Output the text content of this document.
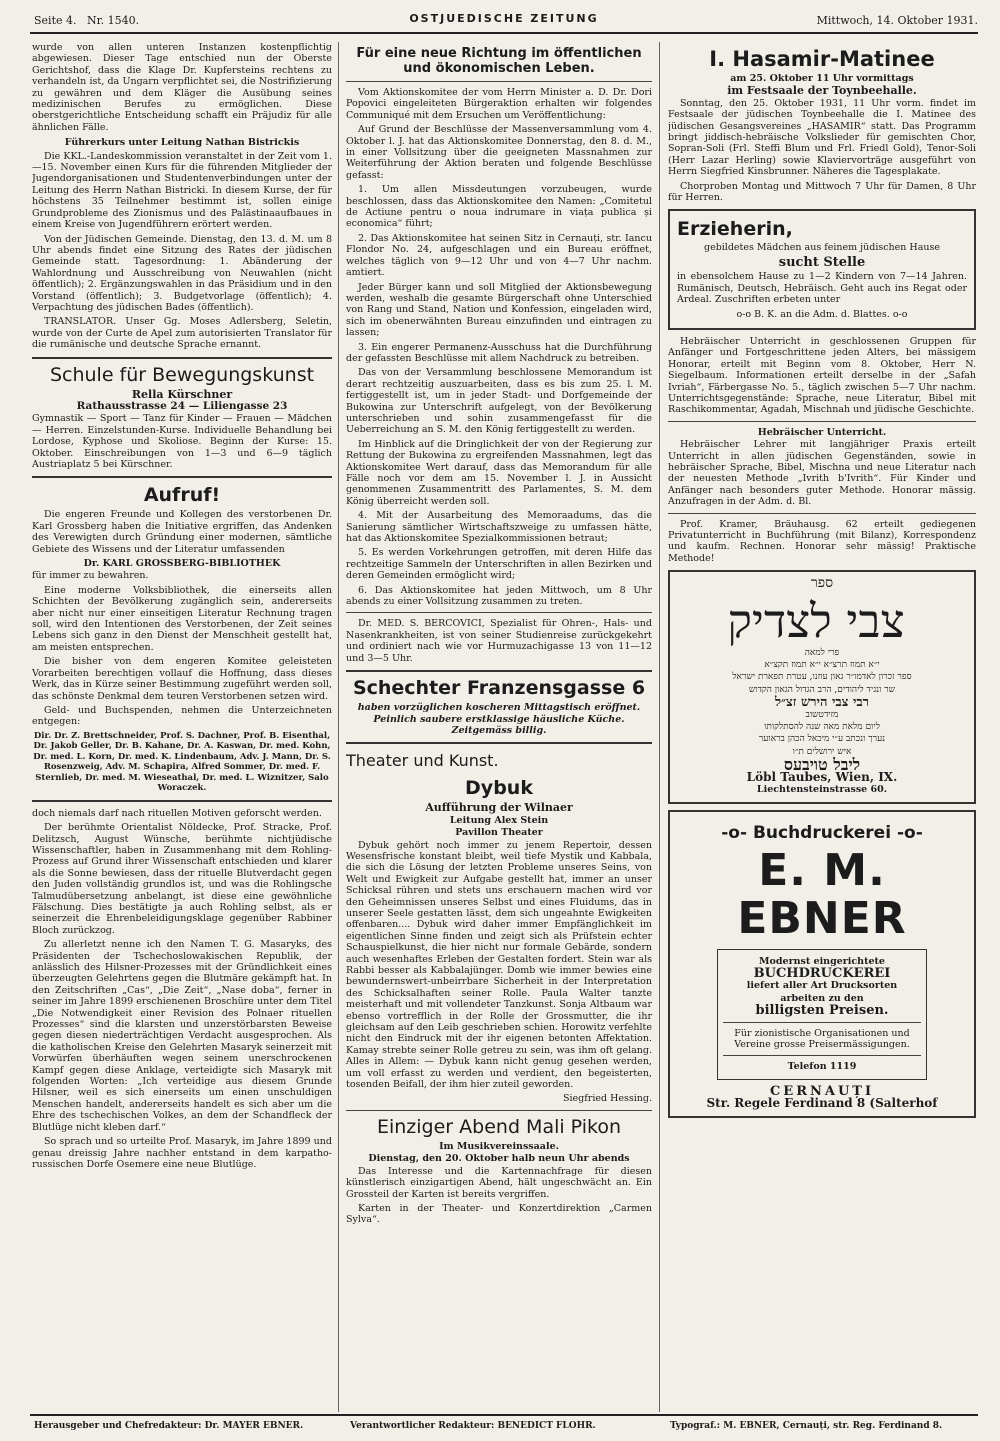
Seite 4. Nr. 1540.	OSTJUEDISCHE ZEITUNG	Mittwoch, 14. Oktober 1931.

wurde von allen unteren Instanzen kostenpflichtig abgewiesen. Dieser Tage entschied nun der Oberste Gerichtshof, dass die Klage Dr. Kupfersteins rechtens zu verhandeln ist, da Ungarn verpflichtet sei, die Nostrifizierung zu gewähren und dem Kläger die Ausübung seines medizinischen Berufes zu ermöglichen. Diese oberstgerichtliche Entscheidung schafft ein Präjudiz für alle ähnlichen Fälle.

Führerkurs unter Leitung Nathan Bistrickis

Die KKL.-Landeskommission veranstaltet in der Zeit vom 1.—15. November einen Kurs für die führenden Mitglieder der Jugendorganisationen und Studentenverbindungen unter der Leitung des Herrn Nathan Bistricki. In diesem Kurse, der für höchstens 35 Teilnehmer bestimmt ist, sollen einige Grundprobleme des Zionismus und des Palästinaaufbaues in einem Kreise von Jugendführern erörtert werden.

Von der Jüdischen Gemeinde. Dienstag, den 13. d. M. um 8 Uhr abends findet eine Sitzung des Rates der jüdischen Gemeinde statt. Tagesordnung: 1. Abänderung der Wahlordnung und Ausschreibung von Neuwahlen (nicht öffentlich); 2. Ergänzungswahlen in das Präsidium und in den Vorstand (öffentlich); 3. Budgetvorlage (öffentlich); 4. Verpachtung des jüdischen Bades (öffentlich).

TRANSLATOR. Unser Gg. Moses Adlersberg, Seletin, wurde von der Curte de Apel zum autorisierten Translator für die rumänische und deutsche Sprache ernannt.

Schule für Bewegungskunst

Rella Kürschner

Rathausstrasse 24 — Liliengasse 23

Gymnastik — Sport — Tanz für Kinder — Frauen — Mädchen — Herren. Einzelstunden-Kurse. Individuelle Behandlung bei Lordose, Kyphose und Skoliose. Beginn der Kurse: 15. Oktober. Einschreibungen von 1—3 und 6—9 täglich Austriaplatz 5 bei Kürschner.

Aufruf!

Die engeren Freunde und Kollegen des verstorbenen Dr. Karl Grossberg haben die Initiative ergriffen, das Andenken des Verewigten durch Gründung einer modernen, sämtliche Gebiete des Wissens und der Literatur umfassenden

Dr. KARL GROSSBERG-BIBLIOTHEK

für immer zu bewahren.

Eine moderne Volksbibliothek, die einerseits allen Schichten der Bevölkerung zugänglich sein, andererseits aber nicht nur einer einseitigen Literatur Rechnung tragen soll, wird den Intentionen des Verstorbenen, der Zeit seines Lebens sich ganz in den Dienst der Menschheit gestellt hat, am meisten entsprechen.

Die bisher von dem engeren Komitee geleisteten Vorarbeiten berechtigen vollauf die Hoffnung, dass dieses Werk, das in Kürze seiner Bestimmung zugeführt werden soll, das schönste Denkmal dem teuren Verstorbenen setzen wird.

Geld- und Buchspenden, nehmen die Unterzeichneten entgegen:

Dir. Dr. Z. Brettschneider, Prof. S. Dachner, Prof. B. Eisenthal, Dr. Jakob Geller, Dr. B. Kahane, Dr. A. Kaswan, Dr. med. Kohn, Dr. med. L. Korn, Dr. med. K. Lindenbaum, Adv. J. Mann, Dr. S. Rosenzweig, Adv. M. Schapira, Alfred Sommer, Dr. med. F. Sternlieb, Dr. med. M. Wieseathal, Dr. med. L. Wiznitzer, Salo Woraczek.

doch niemals darf nach rituellen Motiven geforscht werden.

Der berühmte Orientalist Nöldecke, Prof. Stracke, Prof. Delitzsch, August Wünsche, berühmte nichtjüdische Wissenschaftler, haben in Zusammenhang mit dem Rohling-Prozess auf Grund ihrer Wissenschaft entschieden und klarer als die Sonne bewiesen, dass der rituelle Blutverdacht gegen den Juden vollständig grundlos ist, und was die Rohlingsche Talmudübersetzung anbelangt, ist diese eine gewöhnliche Fälschung. Dies bestätigte ja auch Rohling selbst, als er seinerzeit die Ehrenbeleidigungsklage gegenüber Rabbiner Bloch zurückzog.

Zu allerletzt nenne ich den Namen T. G. Masaryks, des Präsidenten der Tschechoslowakischen Republik, der anlässlich des Hilsner-Prozesses mit der Gründlichkeit eines überzeugten Gelehrtens gegen die Blutmäre gekämpft hat. In den Zeitschriften „Cas“, „Die Zeit“, „Nase doba“, ferner in seiner im Jahre 1899 erschienenen Broschüre unter dem Titel „Die Notwendigkeit einer Revision des Polnaer rituellen Prozesses“ sind die klarsten und unzerstörbarsten Beweise gegen diesen niederträchtigen Verdacht ausgesprochen. Als die katholischen Kreise den Gelehrten Masaryk seinerzeit mit Vorwürfen überhäuften wegen seinem unerschrockenen Kampf gegen diese Anklage, verteidigte sich Masaryk mit folgenden Worten: „Ich verteidige aus diesem Grunde Hilsner, weil es sich einerseits um einen unschuldigen Menschen handelt, andererseits handelt es sich aber um die Ehre des tschechischen Volkes, an dem der Schandfleck der Blutlüge nicht kleben darf.“

So sprach und so urteilte Prof. Masaryk, im Jahre 1899 und genau dreissig Jahre nachher entstand in dem karpatho-russischen Dorfe Osemere eine neue Blutlüge.

Für eine neue Richtung im öffentlichen und ökonomischen Leben.

Vom Aktionskomitee der vom Herrn Minister a. D. Dr. Dori Popovici eingeleiteten Bürgeraktion erhalten wir folgendes Communiqué mit dem Ersuchen um Veröffentlichung:

Auf Grund der Beschlüsse der Massenversammlung vom 4. Oktober l. J. hat das Aktionskomitee Donnerstag, den 8. d. M., in einer Vollsitzung über die geeigneten Massnahmen zur Weiterführung der Aktion beraten und folgende Beschlüsse gefasst:

1. Um allen Missdeutungen vorzubeugen, wurde beschlossen, dass das Aktionskomitee den Namen: „Comitetul de Actiune pentru o noua indrumare in viața publica și economica“ führt;

2. Das Aktionskomitee hat seinen Sitz in Cernauți, str. Iancu Flondor No. 24, aufgeschlagen und ein Bureau eröffnet, welches täglich von 9—12 Uhr und von 4—7 Uhr nachm. amtiert.

Jeder Bürger kann und soll Mitglied der Aktionsbewegung werden, weshalb die gesamte Bürgerschaft ohne Unterschied von Rang und Stand, Nation und Konfession, eingeladen wird, sich im obenerwähnten Bureau einzufinden und eintragen zu lassen;

3. Ein engerer Permanenz-Ausschuss hat die Durchführung der gefassten Beschlüsse mit allem Nachdruck zu betreiben.

Das von der Versammlung beschlossene Memorandum ist derart rechtzeitig auszuarbeiten, dass es bis zum 25. l. M. fertiggestellt ist, um in jeder Stadt- und Dorfgemeinde der Bukowina zur Unterschrift aufgelegt, von der Bevölkerung unterschrieben und sohin zusammengefasst für die Ueberreichung an S. M. den König fertiggestellt zu werden.

Im Hinblick auf die Dringlichkeit der von der Regierung zur Rettung der Bukowina zu ergreifenden Massnahmen, legt das Aktionskomitee Wert darauf, dass das Memorandum für alle Fälle noch vor dem am 15. November l. J. in Aussicht genommenen Zusammentritt des Parlamentes, S. M. dem König überreicht werden soll.

4. Mit der Ausarbeitung des Memoraadums, das die Sanierung sämtlicher Wirtschaftszweige zu umfassen hätte, hat das Aktionskomitee Spezialkommissionen betraut;

5. Es werden Vorkehrungen getroffen, mit deren Hilfe das rechtzeitige Sammeln der Unterschriften in allen Bezirken und deren Gemeinden ermöglicht wird;

6. Das Aktionskomitee hat jeden Mittwoch, um 8 Uhr abends zu einer Vollsitzung zusammen zu treten.

Dr. MED. S. BERCOVICI, Spezialist für Ohren-, Hals- und Nasenkrankheiten, ist von seiner Studienreise zurückgekehrt und ordiniert nach wie vor Hurmuzachigasse 13 von 11—12 und 3—5 Uhr.

Schechter Franzensgasse 6

haben vorzüglichen koscheren Mittagstisch eröffnet. Peinlich saubere erstklassige häusliche Küche. Zeitgemäss billig.

Theater und Kunst.

Dybuk

Aufführung der Wilnaer

Leitung Alex Stein

Pavillon Theater

Dybuk gehört noch immer zu jenem Repertoir, dessen Wesensfrische konstant bleibt, weil tiefe Mystik und Kabbala, die sich die Lösung der letzten Probleme unseres Seins, von Welt und Ewigkeit zur Aufgabe gestellt hat, immer an unser Schicksal rühren und stets uns erschauern machen wird vor den Geheimnissen unseres Selbst und eines Fluidums, das in unserer Seele gestatten lässt, dem sich ungeahnte Ewigkeiten offenbaren.... Dybuk wird daher immer Empfänglichkeit im eigentlichen Sinne finden und zeigt sich als Prüfstein echter Schauspielkunst, die hier nicht nur formale Gebärde, sondern auch wesenhaftes Erleben der Gestalten fordert. Stein war als Rabbi besser als Kabbalajünger. Domb wie immer bewies eine bewundernswert-unbeirrbare Sicherheit in der Interpretation des Schicksalhaften seiner Rolle. Paula Walter tanzte meisterhaft und mit vollendeter Tanzkunst. Sonja Altbaum war ebenso vortrefflich in der Rolle der Grossmutter, die ihr gleichsam auf den Leib geschrieben schien. Horowitz verfehlte nicht den Eindruck mit der ihr eigenen betonten Affektation. Kamay strebte seiner Rolle getreu zu sein, was ihm oft gelang. Alles in Allem: — Dybuk kann nicht genug gesehen werden, um voll erfasst zu werden und verdient, den begeisterten, tosenden Beifall, der ihm hier zuteil geworden.

Siegfried Hessing.

Einziger Abend Mali Pikon

Im Musikvereinssaale.

Dienstag, den 20. Oktober halb neun Uhr abends

Das Interesse und die Kartennachfrage für diesen künstlerisch einzigartigen Abend, hält ungeschwächt an. Ein Grossteil der Karten ist bereits vergriffen.

Karten in der Theater- und Konzertdirektion „Carmen Sylva“.

I. Hasamir-Matinee

am 25. Oktober 11 Uhr vormittags

im Festsaale der Toynbeehalle.

Sonntag, den 25. Oktober 1931, 11 Uhr vorm. findet im Festsaale der jüdischen Toynbeehalle die I. Matinee des jüdischen Gesangsvereines „HASAMIR“ statt. Das Programm bringt jiddisch-hebräische Volkslieder für gemischten Chor, Sopran-Soli (Frl. Steffi Blum und Frl. Friedl Gold), Tenor-Soli (Herr Lazar Herling) sowie Klaviervorträge ausgeführt von Herrn Siegfried Kinsbrunner. Näheres die Tagesplakate.

Chorproben Montag und Mittwoch 7 Uhr für Damen, 8 Uhr für Herren.

Erzieherin,

gebildetes Mädchen aus feinem jüdischen Hause

sucht Stelle

in ebensolchem Hause zu 1—2 Kindern von 7—14 Jahren. Rumänisch, Deutsch, Hebräisch. Geht auch ins Regat oder Ardeal. Zuschriften erbeten unter

o-o B. K. an die Adm. d. Blattes. o-o

Hebräischer Unterricht in geschlossenen Gruppen für Anfänger und Fortgeschrittene jeden Alters, bei mässigem Honorar, erteilt mit Beginn vom 8. Oktober, Herr N. Siegelbaum. Informationen erteilt derselbe in der „Safah Ivriah“, Färbergasse No. 5., täglich zwischen 5—7 Uhr nachm. Unterrichtsgegenstände: Sprache, neue Literatur, Bibel mit Raschikommentar, Agadah, Mischnah und jüdische Geschichte.

Hebräischer Unterricht.

Hebräischer Lehrer mit langjähriger Praxis erteilt Unterricht in allen jüdischen Gegenständen, sowie in hebräischer Sprache, Bibel, Mischna und neue Literatur nach der neuesten Methode „Ivrith b'Ivrith“. Für Kinder und Anfänger nach besonders guter Methode. Honorar mässig. Anzufragen in der Adm. d. Bl.

Prof. Kramer, Bräuhausg. 62 erteilt gediegenen Privatunterricht in Buchführung (mit Bilanz), Korrespondenz und kaufm. Rechnen. Honorar sehr mässig! Praktische Methode!

ספר

צבי לצדיק

פרי למאה

י״א תמוז תרצ״א י״א תמוז תקצ״א

ספר זכרון לאדמו״ר גאון עוזנו, עטרת תפארת ישראל

שר ונגיד ליהודים, הרב הגדול הגאון הקדוש

רבי צבי הירש זצ״ל

מזידטשוב

ליום מלאת מאה שנה להסתלקותו

נערך ונכתב ע״י מיכאל הכהן בראוער

איש ירושלים ת״ו

ליבל טויבעס

Löbl Taubes, Wien, IX.

Liechtensteinstrasse 60.

-o- Buchdruckerei -o-

E. M. EBNER

Modernst eingerichtete

BUCHDRUCKEREI

liefert aller Art Drucksorten

arbeiten zu den

billigsten Preisen.

Für zionistische Organisationen und Vereine grosse Preisermässigungen.

Telefon 1119

CERNAUȚI

Str. Regele Ferdinand 8 (Salterhof

Herausgeber und Chefredakteur: Dr. MAYER EBNER.	Verantwortlicher Redakteur: BENEDICT FLOHR.	Typograf.: M. EBNER, Cernauți, str. Reg. Ferdinand 8.
